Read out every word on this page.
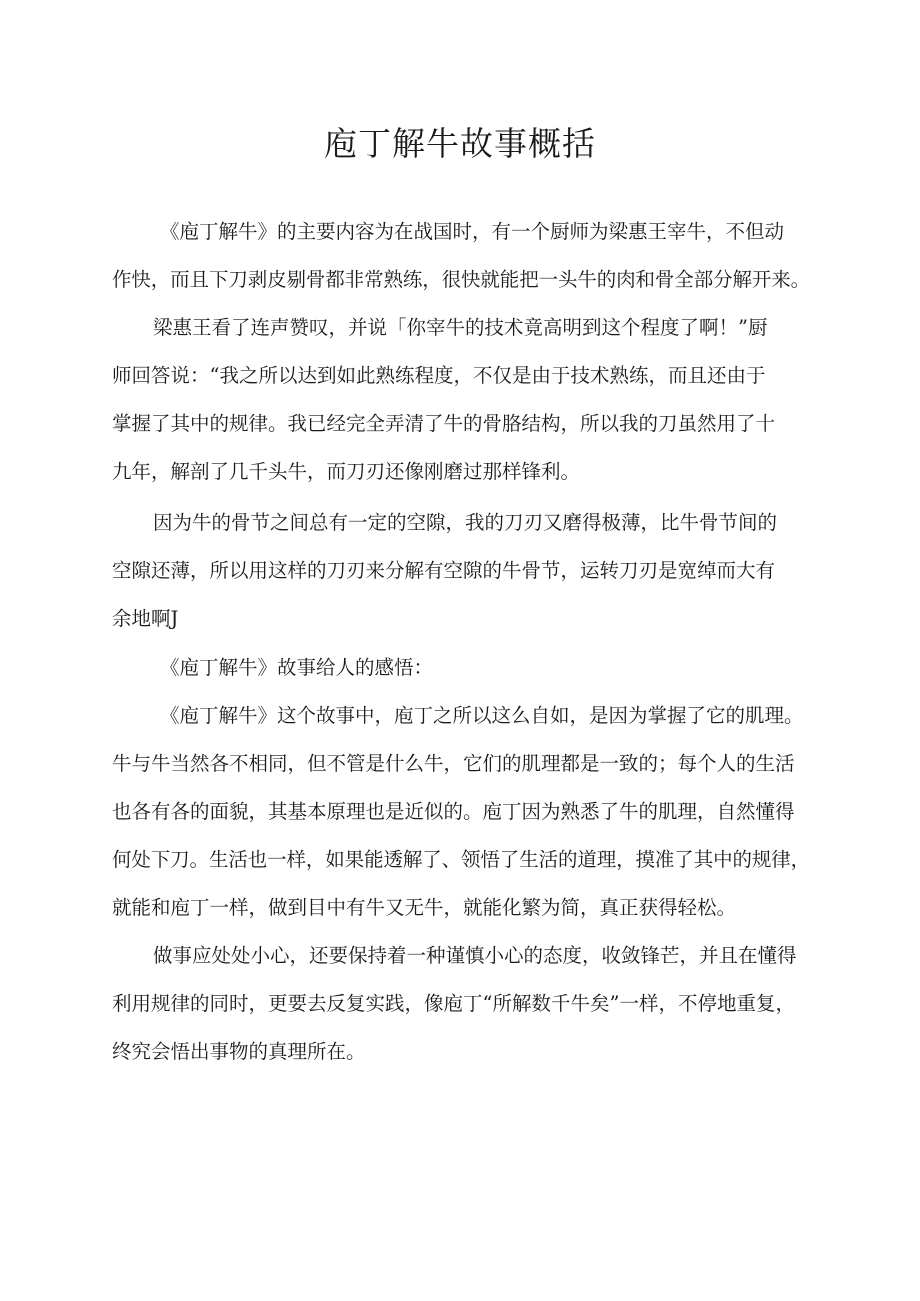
庖丁解牛故事概括

《庖丁解牛》的主要内容为在战国时，有一个厨师为梁惠王宰牛，不但动

作快，而且下刀剥皮剔骨都非常熟练，很快就能把一头牛的肉和骨全部分解开来。

梁惠王看了连声赞叹，并说「你宰牛的技术竟高明到这个程度了啊！”厨

师回答说：“我之所以达到如此熟练程度，不仅是由于技术熟练，而且还由于

掌握了其中的规律。我已经完全弄清了牛的骨胳结构，所以我的刀虽然用了十

九年，解剖了几千头牛，而刀刃还像刚磨过那样锋利。

因为牛的骨节之间总有一定的空隙，我的刀刃又磨得极薄，比牛骨节间的

空隙还薄，所以用这样的刀刃来分解有空隙的牛骨节，运转刀刃是宽绰而大有

余地啊J

《庖丁解牛》故事给人的感悟：

《庖丁解牛》这个故事中，庖丁之所以这么自如，是因为掌握了它的肌理。

牛与牛当然各不相同，但不管是什么牛，它们的肌理都是一致的；每个人的生活

也各有各的面貌，其基本原理也是近似的。庖丁因为熟悉了牛的肌理，自然懂得

何处下刀。生活也一样，如果能透解了、领悟了生活的道理，摸准了其中的规律，

就能和庖丁一样，做到目中有牛又无牛，就能化繁为简，真正获得轻松。

做事应处处小心，还要保持着一种谨慎小心的态度，收敛锋芒，并且在懂得

利用规律的同时，更要去反复实践，像庖丁“所解数千牛矣”一样，不停地重复，

终究会悟出事物的真理所在。
